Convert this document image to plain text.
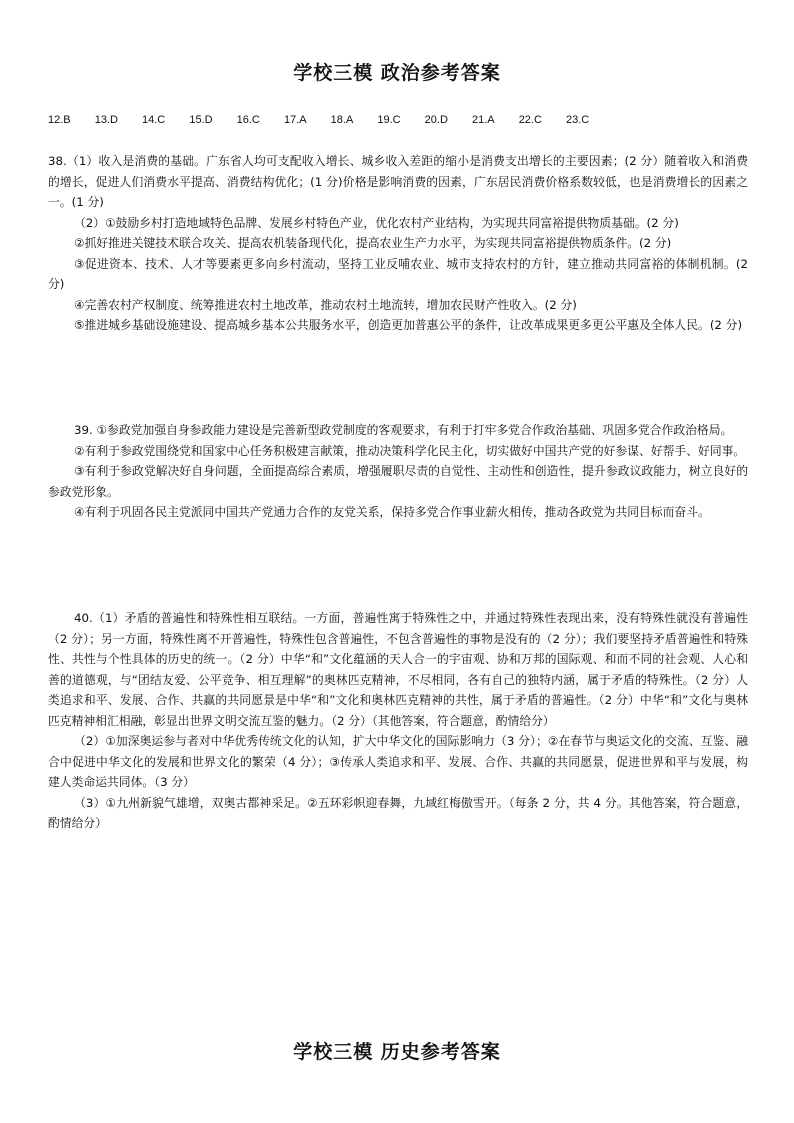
学校三模 政治参考答案
12.B 13.D 14.C 15.D 16.C 17.A 18.A 19.C 20.D 21.A 22.C 23.C

38.（1）收入是消费的基础。广东省人均可支配收入增长、城乡收入差距的缩小是消费支出增长的主要因素；(2 分）随着收入和消费的增长，促进人们消费水平提高、消费结构优化；(1 分)价格是影响消费的因素，广东居民消费价格系数较低，也是消费增长的因素之一。(1 分)

（2）①鼓励乡村打造地域特色品牌、发展乡村特色产业，优化农村产业结构，为实现共同富裕提供物质基础。(2 分)

②抓好推进关键技术联合攻关、提高农机装备现代化，提高农业生产力水平，为实现共同富裕提供物质条件。(2 分)

③促进资本、技术、人才等要素更多向乡村流动，坚持工业反哺农业、城市支持农村的方针，建立推动共同富裕的体制机制。(2 分)

④完善农村产权制度、统筹推进农村土地改革，推动农村土地流转，增加农民财产性收入。(2 分)

⑤推进城乡基础设施建设、提高城乡基本公共服务水平，创造更加普惠公平的条件，让改革成果更多更公平惠及全体人民。(2 分)

39. ①参政党加强自身参政能力建设是完善新型政党制度的客观要求，有利于打牢多党合作政治基础、巩固多党合作政治格局。

②有利于参政党围绕党和国家中心任务积极建言献策，推动决策科学化民主化，切实做好中国共产党的好参谋、好帮手、好同事。

③有利于参政党解决好自身问题，全面提高综合素质，增强履职尽责的自觉性、主动性和创造性，提升参政议政能力，树立良好的参政党形象。

④有利于巩固各民主党派同中国共产党通力合作的友党关系，保持多党合作事业薪火相传，推动各政党为共同目标而奋斗。

40.（1）矛盾的普遍性和特殊性相互联结。一方面，普遍性寓于特殊性之中，并通过特殊性表现出来，没有特殊性就没有普遍性（2 分）；另一方面，特殊性离不开普遍性，特殊性包含普遍性，不包含普遍性的事物是没有的（2 分）；我们要坚持矛盾普遍性和特殊性、共性与个性具体的历史的统一。（2 分）中华“和”文化蕴涵的天人合一的宇宙观、协和万邦的国际观、和而不同的社会观、人心和善的道德观，与“团结友爱、公平竞争、相互理解”的奥林匹克精神，不尽相同，各有自己的独特内涵，属于矛盾的特殊性。（2 分）人类追求和平、发展、合作、共赢的共同愿景是中华“和”文化和奥林匹克精神的共性，属于矛盾的普遍性。（2 分）中华“和”文化与奥林匹克精神相汇相融，彰显出世界文明交流互鉴的魅力。（2 分）（其他答案，符合题意，酌情给分）

（2）①加深奥运参与者对中华优秀传统文化的认知，扩大中华文化的国际影响力（3 分）；②在春节与奥运文化的交流、互鉴、融合中促进中华文化的发展和世界文化的繁荣（4 分）；③传承人类追求和平、发展、合作、共赢的共同愿景，促进世界和平与发展，构建人类命运共同体。（3 分）

（3）①九州新貌气雄增，双奥古都神采足。②五环彩帜迎春舞，九域红梅傲雪开。（每条 2 分，共 4 分。其他答案，符合题意，酌情给分）

学校三模 历史参考答案
